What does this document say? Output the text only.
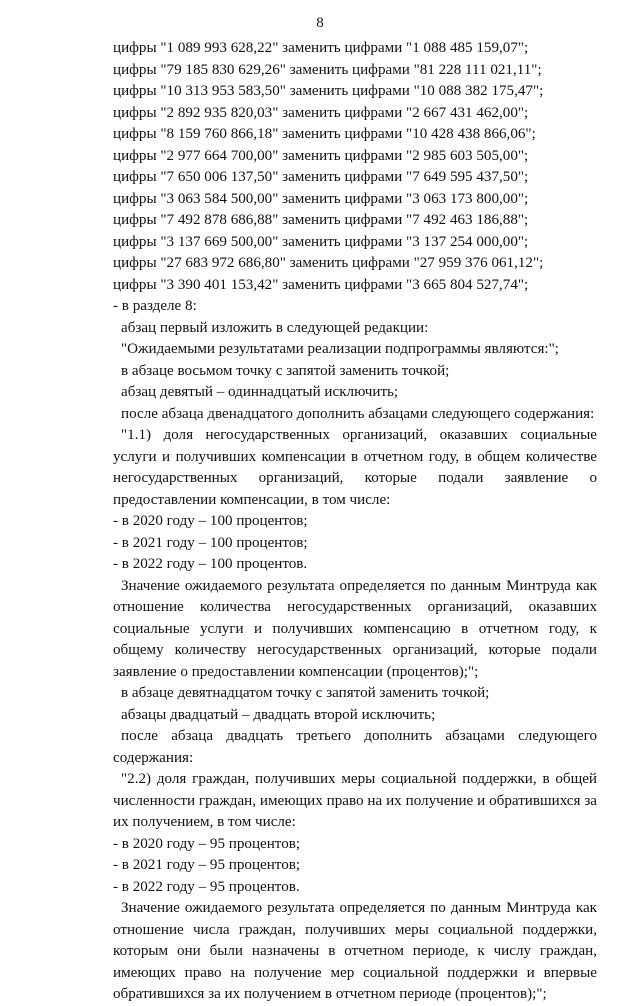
8

цифры "1 089 993 628,22" заменить цифрами "1 088 485 159,07";

цифры "79 185 830 629,26" заменить цифрами "81 228 111 021,11";

цифры "10 313 953 583,50" заменить цифрами "10 088 382 175,47";

цифры "2 892 935 820,03" заменить цифрами "2 667 431 462,00";

цифры "8 159 760 866,18" заменить цифрами "10 428 438 866,06";

цифры "2 977 664 700,00" заменить цифрами "2 985 603 505,00";

цифры "7 650 006 137,50" заменить цифрами "7 649 595 437,50";

цифры "3 063 584 500,00" заменить цифрами "3 063 173 800,00";

цифры "7 492 878 686,88" заменить цифрами "7 492 463 186,88";

цифры "3 137 669 500,00" заменить цифрами "3 137 254 000,00";

цифры "27 683 972 686,80" заменить цифрами "27 959 376 061,12";

цифры "3 390 401 153,42" заменить цифрами "3 665 804 527,74";

- в разделе 8:

абзац первый изложить в следующей редакции:

"Ожидаемыми результатами реализации подпрограммы являются:";

в абзаце восьмом точку с запятой заменить точкой;

абзац девятый – одиннадцатый исключить;

после абзаца двенадцатого дополнить абзацами следующего содержания:

"1.1) доля негосударственных организаций, оказавших социальные услуги и получивших компенсации в отчетном году, в общем количестве негосударственных организаций, которые подали заявление о предоставлении компенсации, в том числе:

- в 2020 году – 100 процентов;

- в 2021 году – 100 процентов;

- в 2022 году – 100 процентов.

Значение ожидаемого результата определяется по данным Минтруда как отношение количества негосударственных организаций, оказавших социальные услуги и получивших компенсацию в отчетном году, к общему количеству негосударственных организаций, которые подали заявление о предоставлении компенсации (процентов);";

в абзаце девятнадцатом точку с запятой заменить точкой;

абзацы двадцатый – двадцать второй исключить;

после абзаца двадцать третьего дополнить абзацами следующего содержания:

"2.2) доля граждан, получивших меры социальной поддержки, в общей численности граждан, имеющих право на их получение и обратившихся за их получением, в том числе:

- в 2020 году – 95 процентов;

- в 2021 году – 95 процентов;

- в 2022 году – 95 процентов.

Значение ожидаемого результата определяется по данным Минтруда как отношение числа граждан, получивших меры социальной поддержки, которым они были назначены в отчетном периоде, к числу граждан, имеющих право на получение мер социальной поддержки и впервые обратившихся за их получением в отчетном периоде (процентов);";
